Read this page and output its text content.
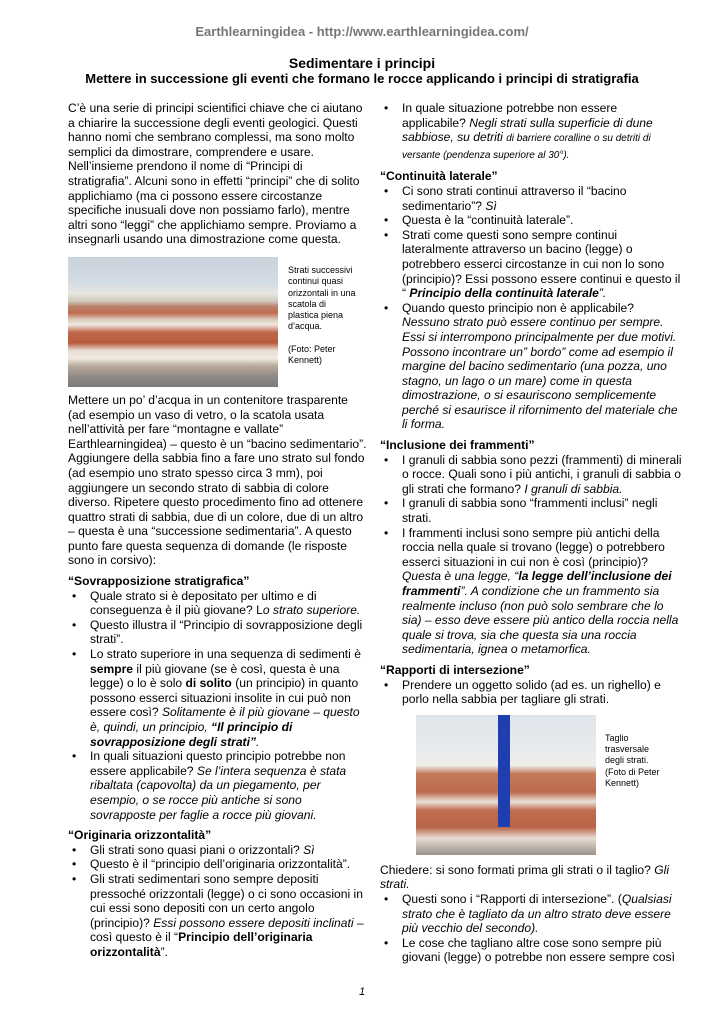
Earthlearningidea - http://www.earthlearningidea.com/
Sedimentare i principi
Mettere in successione gli eventi che formano le rocce applicando i principi di stratigrafia

C’è una serie di principi scientifici chiave che ci aiutano a chiarire la successione degli eventi geologici. Questi hanno nomi che sembrano complessi, ma sono molto semplici da dimostrare, comprendere e usare. Nell’insieme prendono il nome di “Principi di stratigrafia”. Alcuni sono in effetti “principi” che di solito applichiamo (ma ci possono essere circostanze specifiche inusuali dove non possiamo farlo), mentre altri sono “leggi” che applichiamo sempre. Proviamo a insegnarli usando una dimostrazione come questa.

Strati successivi continui quasi orizzontali in una scatola di plastica piena d’acqua.

(Foto: Peter Kennett)

Mettere un po’ d’acqua in un contenitore trasparente (ad esempio un vaso di vetro, o la scatola usata nell’attività per fare “montagne e vallate” Earthlearningidea) – questo è un “bacino sedimentario”. Aggiungere della sabbia fino a fare uno strato sul fondo (ad esempio uno strato spesso circa 3 mm), poi aggiungere un secondo strato di sabbia di colore diverso. Ripetere questo procedimento fino ad ottenere quattro strati di sabbia, due di un colore, due di un altro – questa è una “successione sedimentaria”. A questo punto fare questa sequenza di domande (le risposte sono in corsivo):

“Sovrapposizione stratigrafica”

• Quale strato si è depositato per ultimo e di conseguenza è il più giovane? Lo strato superiore.
• Questo illustra il “Principio di sovrapposizione degli strati”.
• Lo strato superiore in una sequenza di sedimenti è sempre il più giovane (se è così, questa è una legge) o lo è solo di solito (un principio) in quanto possono esserci situazioni insolite in cui può non essere così? Solitamente è il più giovane – questo è, quindi, un principio, “Il principio di sovrapposizione degli strati”.
• In quali situazioni questo principio potrebbe non essere applicabile? Se l’intera sequenza è stata ribaltata (capovolta) da un piegamento, per esempio, o se rocce più antiche si sono sovrapposte per faglie a rocce più giovani.

“Originaria orizzontalità”

• Gli strati sono quasi piani o orizzontali? Sì
• Questo è il “principio dell’originaria orizzontalità”.
• Gli strati sedimentari sono sempre depositi pressoché orizzontali (legge) o ci sono occasioni in cui essi sono depositi con un certo angolo (principio)? Essi possono essere depositi inclinati – così questo è il “Principio dell’originaria orizzontalità”.
• In quale situazione potrebbe non essere applicabile? Negli strati sulla superficie di dune sabbiose, su detriti di barriere coralline o su detriti di versante (pendenza superiore al 30°).

“Continuità laterale”

• Ci sono strati continui attraverso il “bacino sedimentario”? Sì
• Questa è la “continuità laterale”.
• Strati come questi sono sempre continui lateralmente attraverso un bacino (legge) o potrebbero esserci circostanze in cui non lo sono (principio)? Essi possono essere continui e questo il “ Principio della continuità laterale”.
• Quando questo principio non è applicabile? Nessuno strato può essere continuo per sempre. Essi si interrompono principalmente per due motivi. Possono incontrare un” bordo” come ad esempio il margine del bacino sedimentario (una pozza, uno stagno, un lago o un mare) come in questa dimostrazione, o si esauriscono semplicemente perché si esaurisce il rifornimento del materiale che li forma.

“Inclusione dei frammenti”

• I granuli di sabbia sono pezzi (frammenti) di minerali o rocce. Quali sono i più antichi, i granuli di sabbia o gli strati che formano? I granuli di sabbia.
• I granuli di sabbia sono “frammenti inclusi” negli strati.
• I frammenti inclusi sono sempre più antichi della roccia nella quale si trovano (legge) o potrebbero esserci situazioni in cui non è così (principio)? Questa è una legge, “la legge dell’inclusione dei frammenti”. A condizione che un frammento sia realmente incluso (non può solo sembrare che lo sia) – esso deve essere più antico della roccia nella quale si trova, sia che questa sia una roccia sedimentaria, ignea o metamorfica.

“Rapporti di intersezione”

• Prendere un oggetto solido (ad es. un righello) e porlo nella sabbia per tagliare gli strati.
Taglio trasversale degli strati. (Foto di Peter Kennett)

Chiedere: si sono formati prima gli strati o il taglio? Gli strati.

• Questi sono i “Rapporti di intersezione”. (Qualsiasi strato che è tagliato da un altro strato deve essere più vecchio del secondo).
• Le cose che tagliano altre cose sono sempre più giovani (legge) o potrebbe non essere sempre così
1
